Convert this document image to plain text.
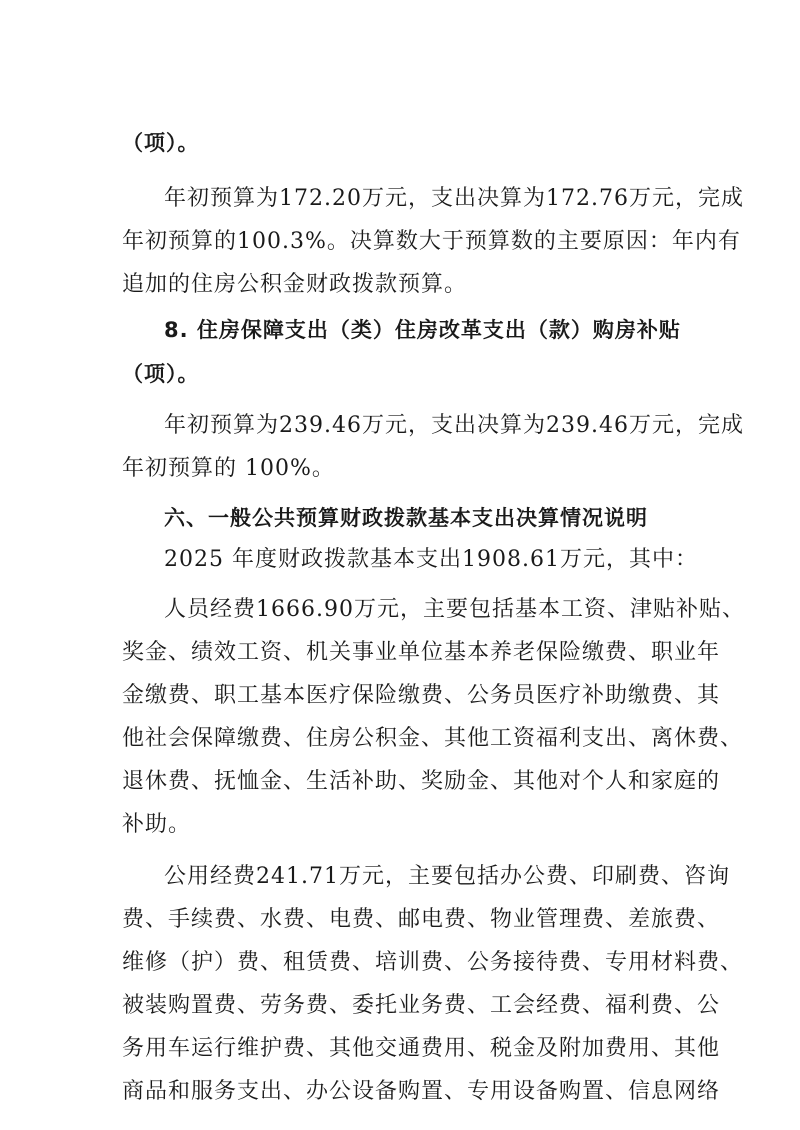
（项）。
年初预算为172.20万元，支出决算为172.76万元，完成
年初预算的100.3%。决算数大于预算数的主要原因：年内有
追加的住房公积金财政拨款预算。
8. 住房保障支出（类）住房改革支出（款）购房补贴
（项）。
年初预算为239.46万元，支出决算为239.46万元，完成
年初预算的 100%。
六、一般公共预算财政拨款基本支出决算情况说明
2025 年度财政拨款基本支出1908.61万元，其中：
人员经费1666.90万元，主要包括基本工资、津贴补贴、
奖金、绩效工资、机关事业单位基本养老保险缴费、职业年
金缴费、职工基本医疗保险缴费、公务员医疗补助缴费、其
他社会保障缴费、住房公积金、其他工资福利支出、离休费、
退休费、抚恤金、生活补助、奖励金、其他对个人和家庭的
补助。
公用经费241.71万元，主要包括办公费、印刷费、咨询
费、手续费、水费、电费、邮电费、物业管理费、差旅费、
维修（护）费、租赁费、培训费、公务接待费、专用材料费、
被装购置费、劳务费、委托业务费、工会经费、福利费、公
务用车运行维护费、其他交通费用、税金及附加费用、其他
商品和服务支出、办公设备购置、专用设备购置、信息网络
